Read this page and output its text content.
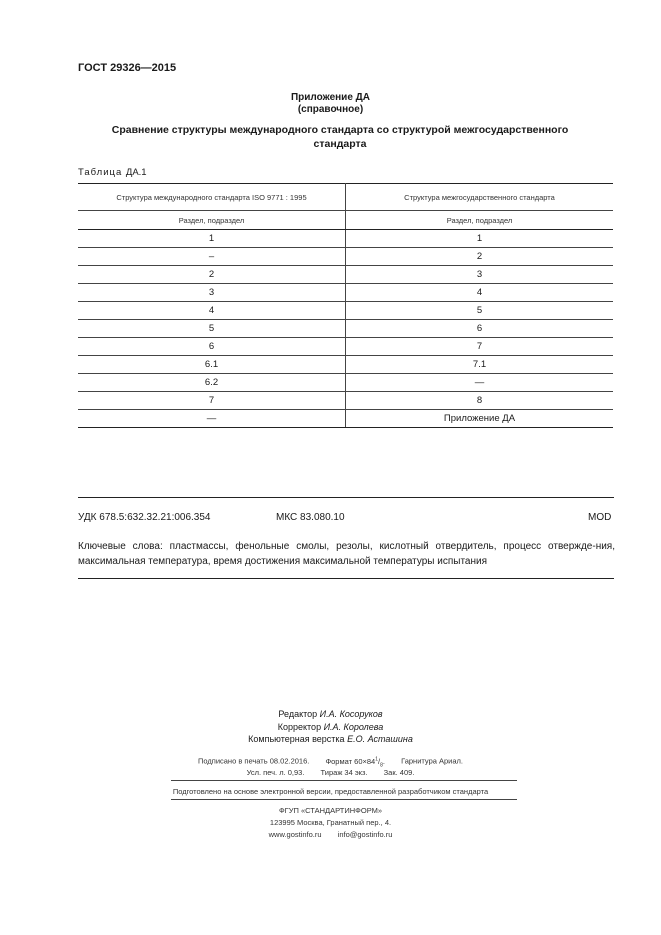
ГОСТ 29326—2015
Приложение ДА
(справочное)
Сравнение структуры международного стандарта со структурой межгосударственного
стандарта
Таблица ДА.1
Структура международного стандарта ISO 9771 : 1995	Структура межгосударственного стандарта
Раздел, подраздел	Раздел, подраздел
1	1
–	2
2	3
3	4
4	5
5	6
6	7
6.1	7.1
6.2	—
7	8
—	Приложение ДА
УДК 678.5:632.32.21:006.354	МКС 83.080.10	MOD
Ключевые слова: пластмассы, фенольные смолы, резолы, кислотный отвердитель, процесс отвержде-ния, максимальная температура, время достижения максимальной температуры испытания
Редактор И.А. Косоруков
Корректор И.А. Королева
Компьютерная верстка Е.О. Асташина
Подписано в печать 08.02.2016. Формат $60\times 84^1/_8$. Гарнитура Ариал.
Усл. печ. л. 0,93. Тираж 34 экз. Зак. 409.
Подготовлено на основе электронной версии, предоставленной разработчиком стандарта
ФГУП «СТАНДАРТИНФОРМ»
123995 Москва, Гранатный пер., 4.
www.gostinfo.ru info@gostinfo.ru
